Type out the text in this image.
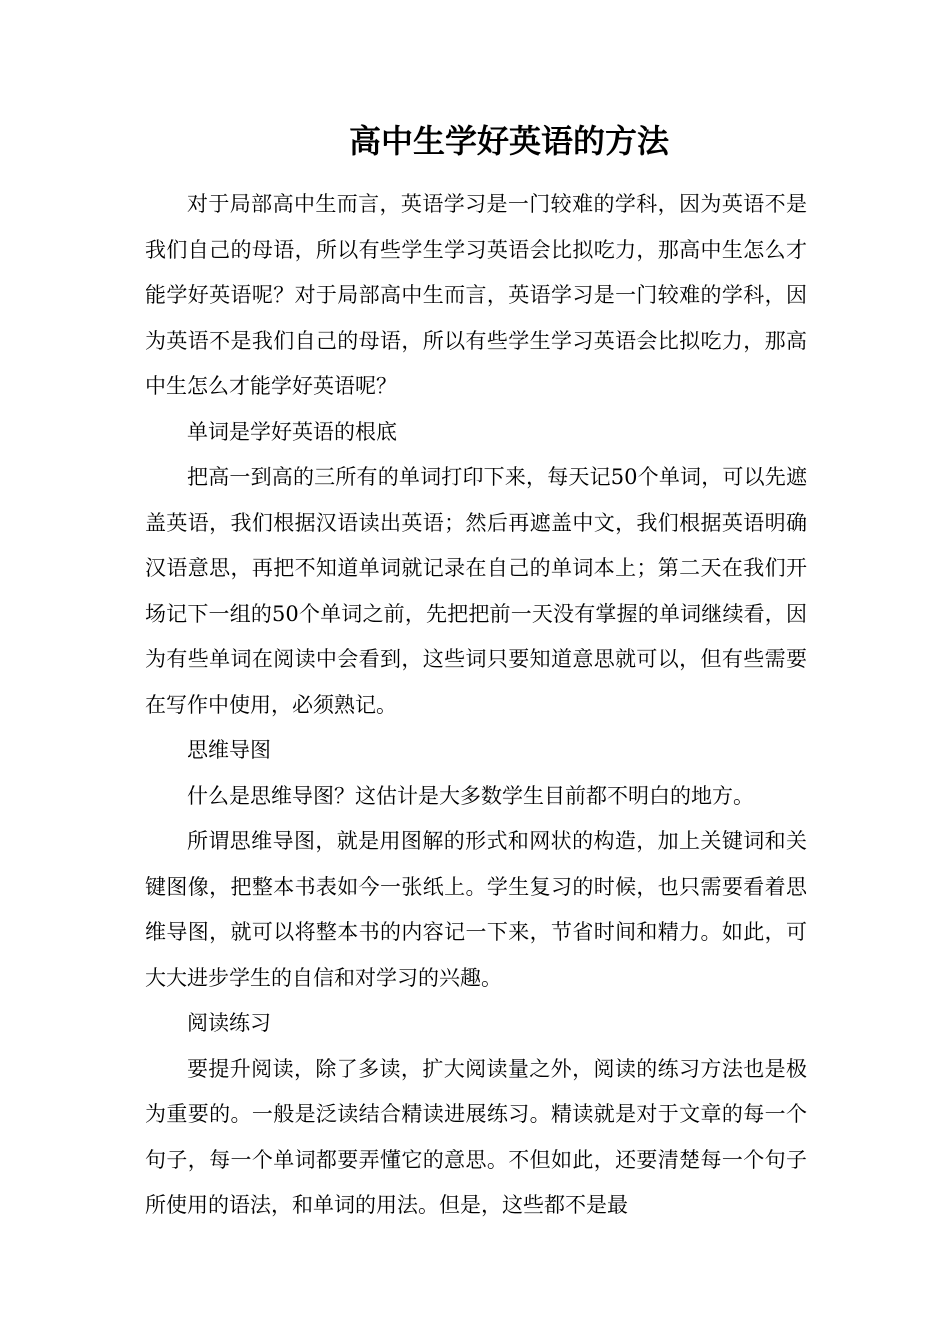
高中生学好英语的方法

对于局部高中生而言，英语学习是一门较难的学科，因为英语不是我们自己的母语，所以有些学生学习英语会比拟吃力，那高中生怎么才能学好英语呢？对于局部高中生而言，英语学习是一门较难的学科，因为英语不是我们自己的母语，所以有些学生学习英语会比拟吃力，那高中生怎么才能学好英语呢？

单词是学好英语的根底

把高一到高的三所有的单词打印下来，每天记50个单词，可以先遮盖英语，我们根据汉语读出英语；然后再遮盖中文，我们根据英语明确汉语意思，再把不知道单词就记录在自己的单词本上；第二天在我们开场记下一组的50个单词之前，先把把前一天没有掌握的单词继续看，因为有些单词在阅读中会看到，这些词只要知道意思就可以，但有些需要在写作中使用，必须熟记。

思维导图

什么是思维导图？这估计是大多数学生目前都不明白的地方。

所谓思维导图，就是用图解的形式和网状的构造，加上关键词和关键图像，把整本书表如今一张纸上。学生复习的时候，也只需要看着思维导图，就可以将整本书的内容记一下来，节省时间和精力。如此，可大大进步学生的自信和对学习的兴趣。

阅读练习

要提升阅读，除了多读，扩大阅读量之外，阅读的练习方法也是极为重要的。一般是泛读结合精读进展练习。精读就是对于文章的每一个句子，每一个单词都要弄懂它的意思。不但如此，还要清楚每一个句子所使用的语法，和单词的用法。但是，这些都不是最
